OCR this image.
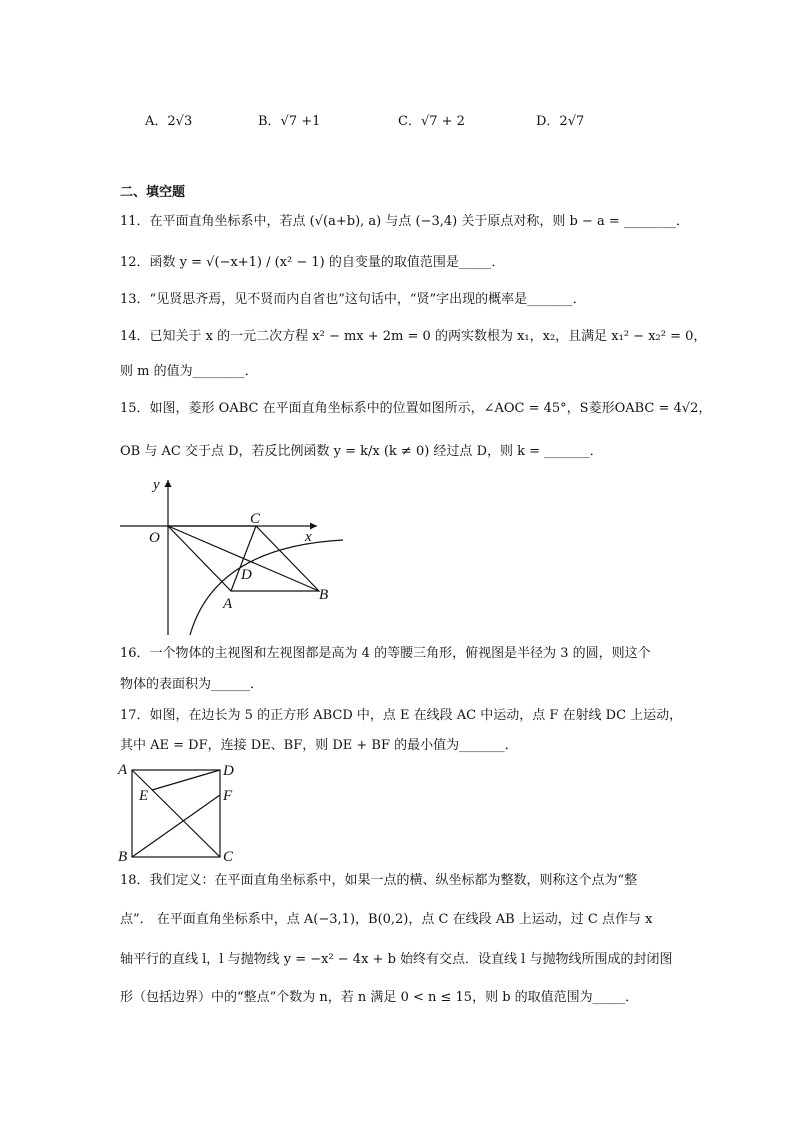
A．2√3	B．√7 +1	C．√7 + 2	D．2√7
二、填空题
11．在平面直角坐标系中，若点 (√(a+b), a) 与点 (−3,4) 关于原点对称，则 b − a = ________．
12．函数 y = √(−x+1) / (x² − 1) 的自变量的取值范围是_____．
13．“见贤思齐焉，见不贤而内自省也”这句话中，“贤”字出现的概率是_______．
14．已知关于 x 的一元二次方程 x² − mx + 2m = 0 的两实数根为 x₁，x₂，且满足 x₁² − x₂² = 0，
则 m 的值为________．
15．如图，菱形 OABC 在平面直角坐标系中的位置如图所示，∠AOC = 45°，S菱形OABC = 4√2，
OB 与 AC 交于点 D，若反比例函数 y = k/x (k ≠ 0) 经过点 D，则 k = _______．
y
x
O
C
D
A
B
16．一个物体的主视图和左视图都是高为 4 的等腰三角形，俯视图是半径为 3 的圆，则这个
物体的表面积为______．
17．如图，在边长为 5 的正方形 ABCD 中，点 E 在线段 AC 中运动，点 F 在射线 DC 上运动，
其中 AE = DF，连接 DE、BF，则 DE + BF 的最小值为_______．
A	D
E	F
B	C
18．我们定义：在平面直角坐标系中，如果一点的横、纵坐标都为整数，则称这个点为“整
点”． 在平面直角坐标系中，点 A(−3,1)，B(0,2)，点 C 在线段 AB 上运动，过 C 点作与 x
轴平行的直线 l，l 与抛物线 y = −x² − 4x + b 始终有交点．设直线 l 与抛物线所围成的封闭图
形（包括边界）中的“整点”个数为 n，若 n 满足 0 < n ≤ 15，则 b 的取值范围为_____．
